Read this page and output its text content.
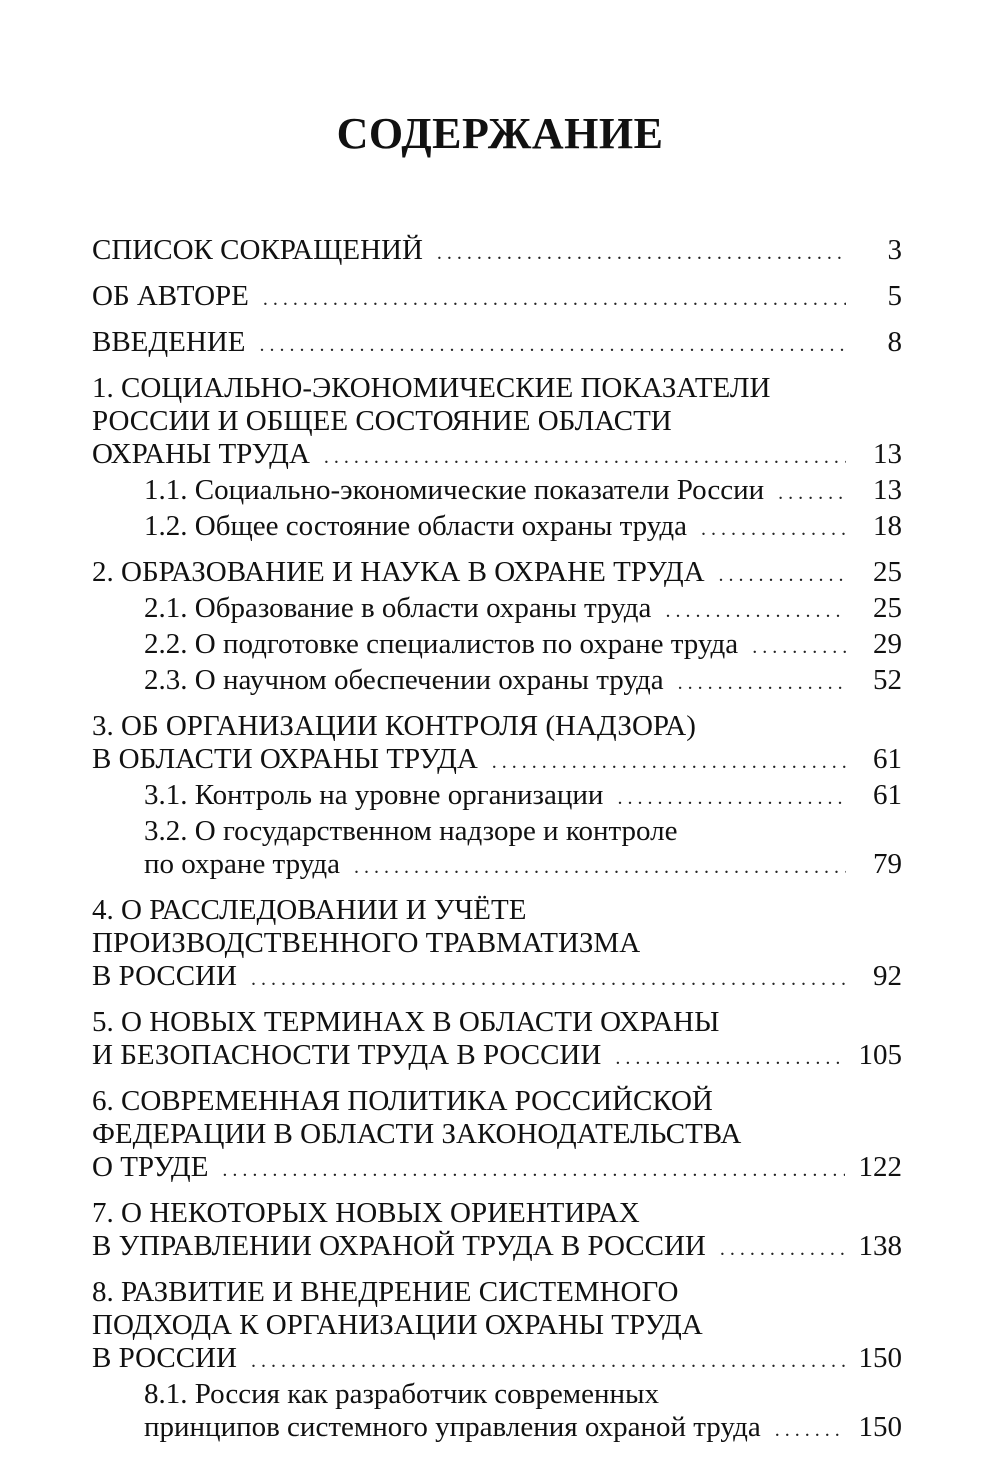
СОДЕРЖАНИЕ
СПИСОК СОКРАЩЕНИЙ .....	3
ОБ АВТОРЕ .....	5
ВВЕДЕНИЕ .....	8
1. СОЦИАЛЬНО-ЭКОНОМИЧЕСКИЕ ПОКАЗАТЕЛИ
РОССИИ И ОБЩЕЕ СОСТОЯНИЕ ОБЛАСТИ
ОХРАНЫ ТРУДА .....	13
1.1. Социально-экономические показатели России .....	13
1.2. Общее состояние области охраны труда .....	18
2. ОБРАЗОВАНИЕ И НАУКА В ОХРАНЕ ТРУДА .....	25
2.1. Образование в области охраны труда .....	25
2.2. О подготовке специалистов по охране труда .....	29
2.3. О научном обеспечении охраны труда .....	52
3. ОБ ОРГАНИЗАЦИИ КОНТРОЛЯ (НАДЗОРА)
В ОБЛАСТИ ОХРАНЫ ТРУДА .....	61
3.1. Контроль на уровне организации .....	61
3.2. О государственном надзоре и контроле
по охране труда .....	79
4. О РАССЛЕДОВАНИИ И УЧЁТЕ
ПРОИЗВОДСТВЕННОГО ТРАВМАТИЗМА
В РОССИИ .....	92
5. О НОВЫХ ТЕРМИНАХ В ОБЛАСТИ ОХРАНЫ
И БЕЗОПАСНОСТИ ТРУДА В РОССИИ .....	105
6. СОВРЕМЕННАЯ ПОЛИТИКА РОССИЙСКОЙ
ФЕДЕРАЦИИ В ОБЛАСТИ ЗАКОНОДАТЕЛЬСТВА
О ТРУДЕ .....	122
7. О НЕКОТОРЫХ НОВЫХ ОРИЕНТИРАХ
В УПРАВЛЕНИИ ОХРАНОЙ ТРУДА В РОССИИ .....	138
8. РАЗВИТИЕ И ВНЕДРЕНИЕ СИСТЕМНОГО
ПОДХОДА К ОРГАНИЗАЦИИ ОХРАНЫ ТРУДА
В РОССИИ .....	150
8.1. Россия как разработчик современных
принципов системного управления охраной труда .....	150
